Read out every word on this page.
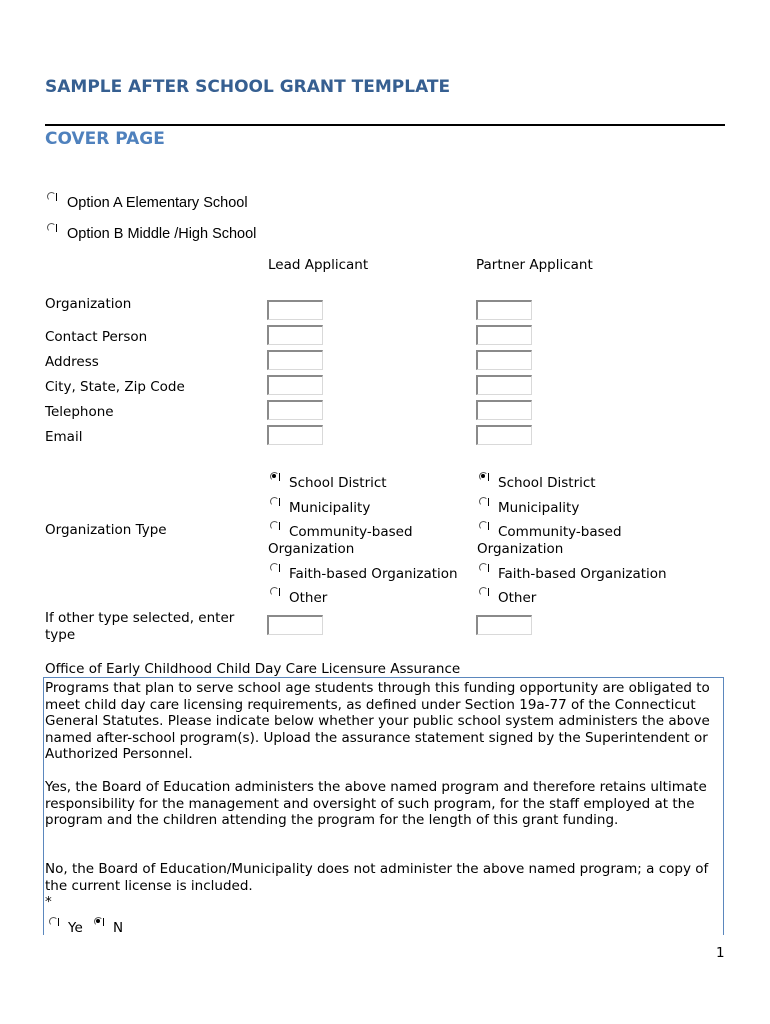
SAMPLE AFTER SCHOOL GRANT TEMPLATE
COVER PAGE
Option A Elementary School
Option B Middle /High School
Lead Applicant	Partner Applicant
Organization
Contact Person
Address
City, State, Zip Code
Telephone
Email
Organization Type
School District
Municipality
Community-based
Organization
Faith-based Organization
Other
School District
Municipality
Community-based
Organization
Faith-based Organization
Other
If other type selected, enter
type
Office of Early Childhood Child Day Care Licensure Assurance
Programs that plan to serve school age students through this funding opportunity are obligated to meet child day care licensing requirements, as defined under Section 19a-77 of the Connecticut General Statutes. Please indicate below whether your public school system administers the above named after-school program(s). Upload the assurance statement signed by the Superintendent or Authorized Personnel.
Yes, the Board of Education administers the above named program and therefore retains ultimate responsibility for the management and oversight of such program, for the staff employed at the program and the children attending the program for the length of this grant funding.
No, the Board of Education/Municipality does not administer the above named program; a copy of the current license is included.
*
Ye N
1
